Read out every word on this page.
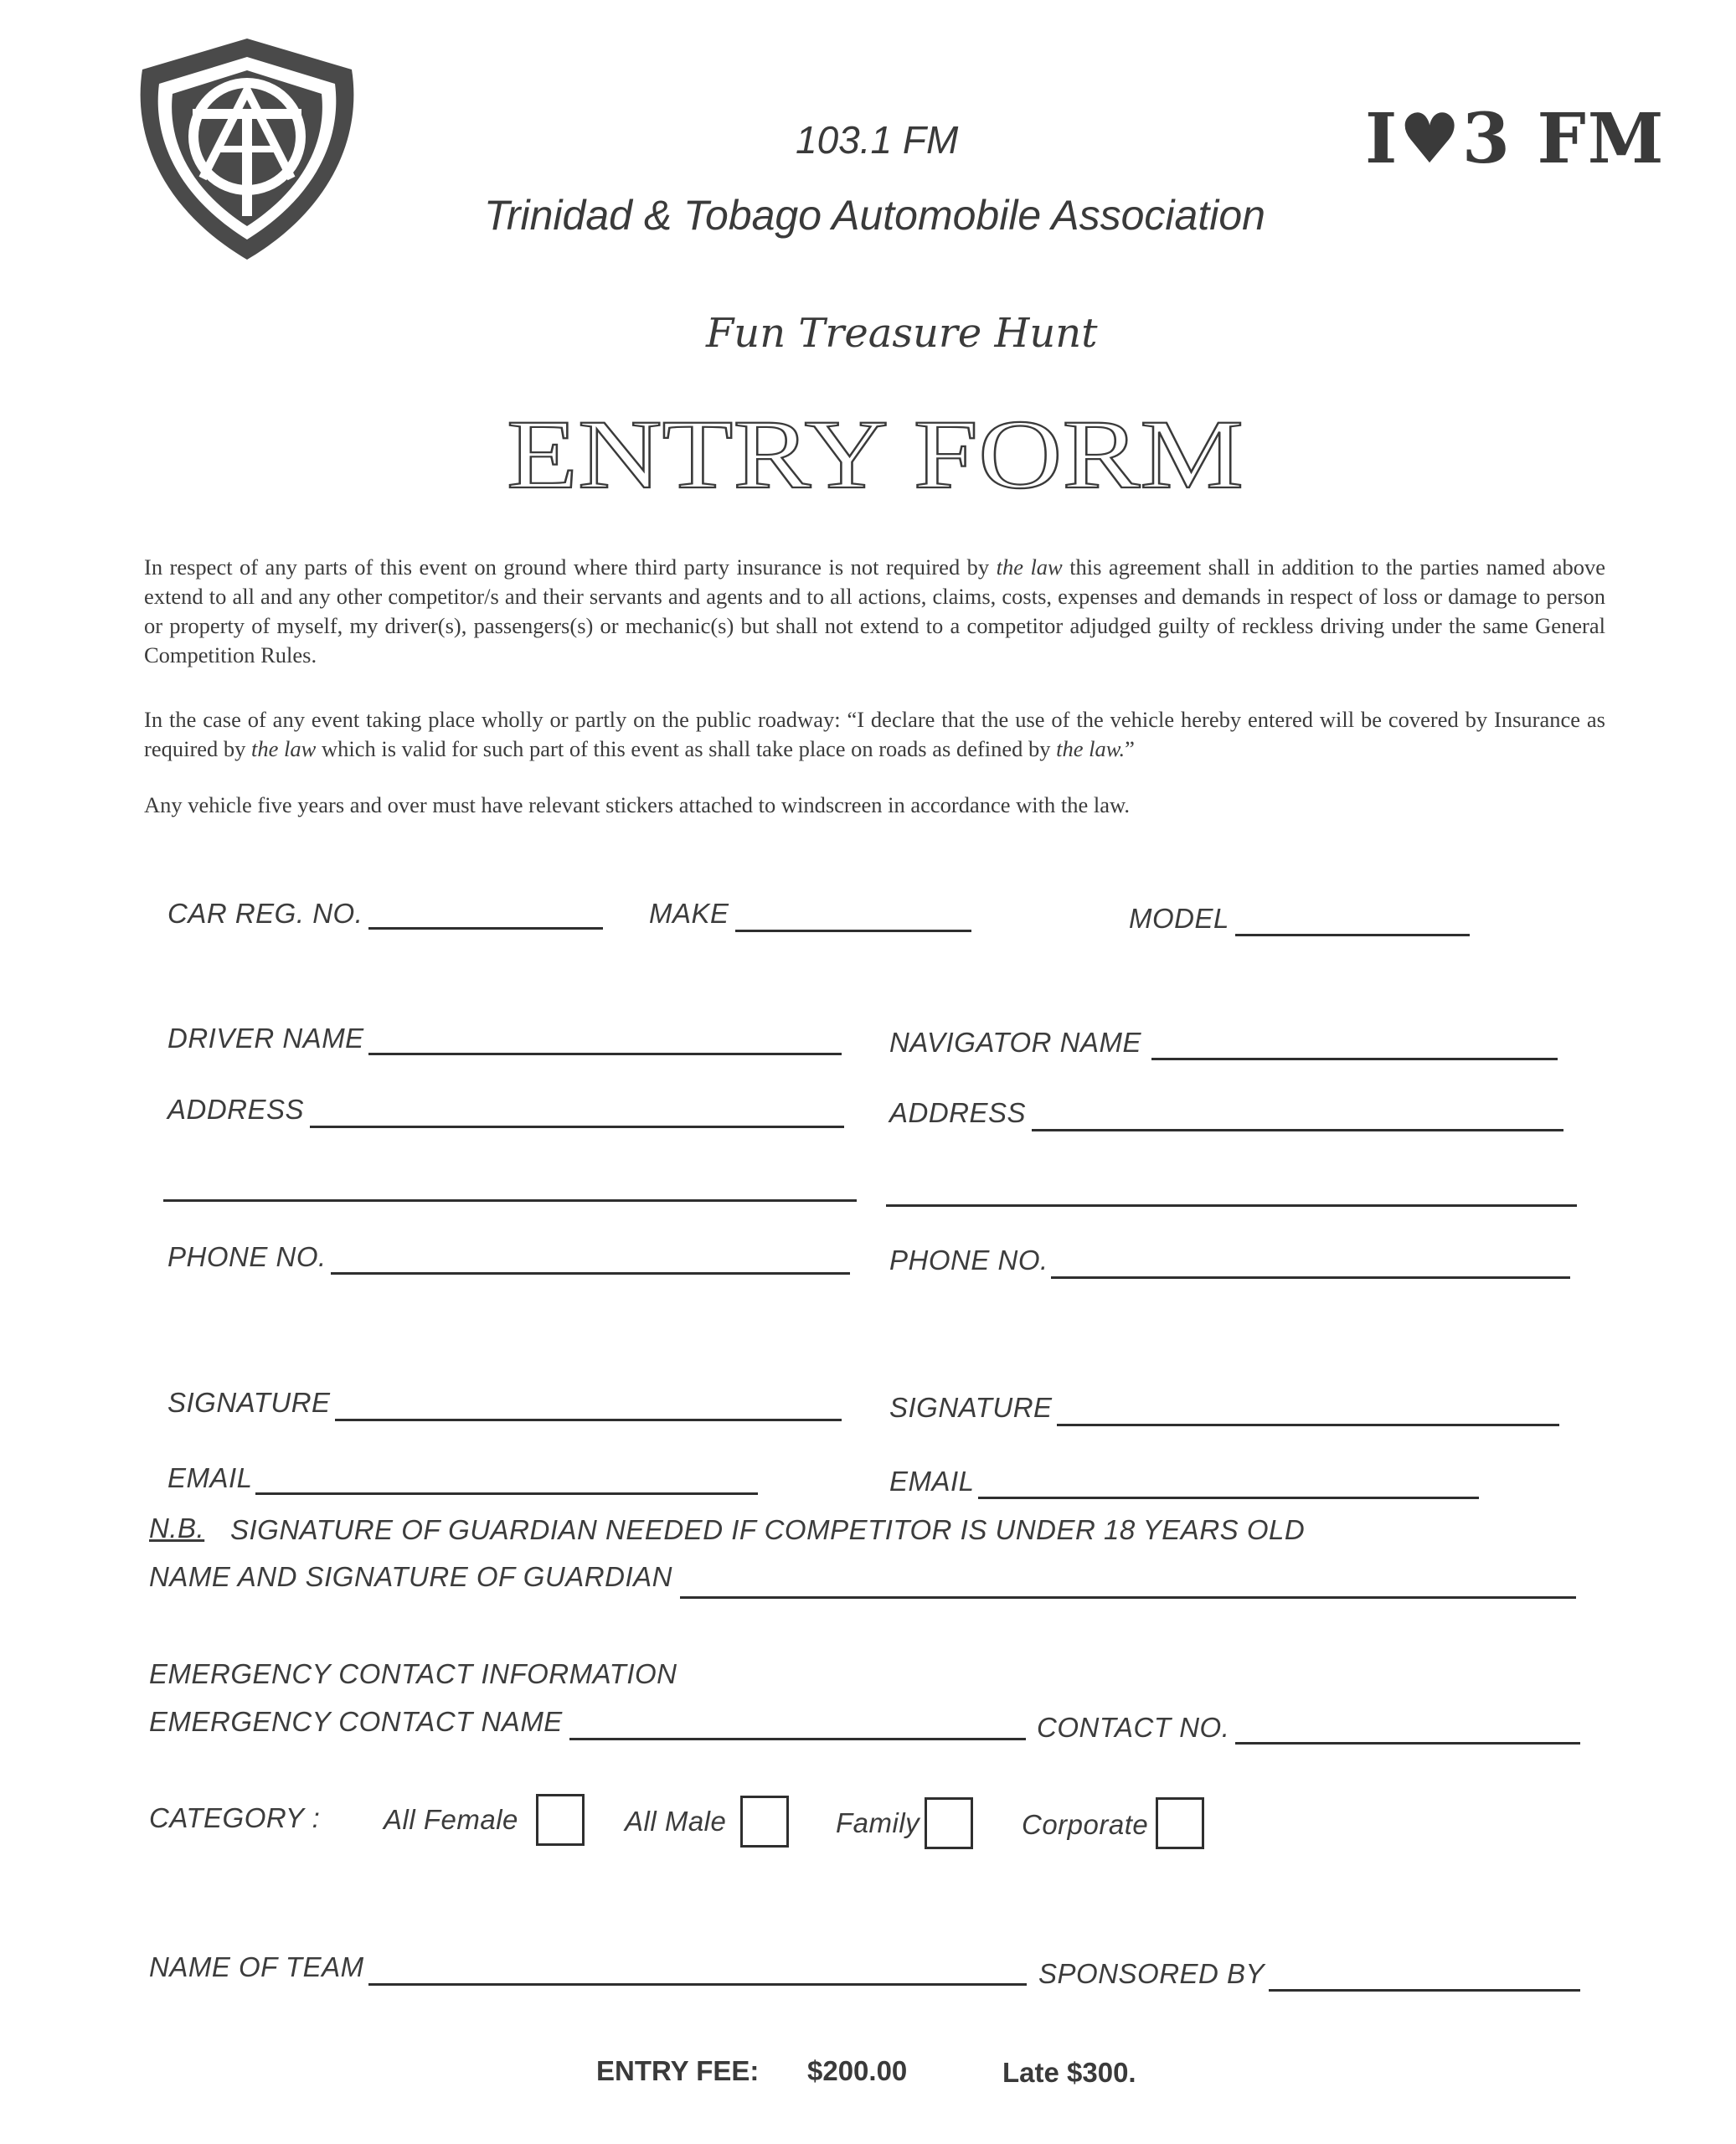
103.1 FM
Trinidad & Tobago Automobile Association
I♥3 FM
Fun Treasure Hunt
ENTRY FORM
In respect of any parts of this event on ground where third party insurance is not required by the law this agreement shall in addition to the parties named above extend to all and any other competitor/s and their servants and agents and to all actions, claims, costs, expenses and demands in respect of loss or damage to person or property of myself, my driver(s), passengers(s) or mechanic(s) but shall not extend to a competitor adjudged guilty of reckless driving under the same General Competition Rules.
In the case of any event taking place wholly or partly on the public roadway: “I declare that the use of the vehicle hereby entered will be covered by Insurance as required by the law which is valid for such part of this event as shall take place on roads as defined by the law.”
Any vehicle five years and over must have relevant stickers attached to windscreen in accordance with the law.
CAR REG. NO.	MAKE	MODEL
DRIVER NAME	NAVIGATOR NAME
ADDRESS	ADDRESS
PHONE NO.	PHONE NO.
SIGNATURE	SIGNATURE
EMAIL	EMAIL
N.B. SIGNATURE OF GUARDIAN NEEDED IF COMPETITOR IS UNDER 18 YEARS OLD
NAME AND SIGNATURE OF GUARDIAN
EMERGENCY CONTACT INFORMATION
EMERGENCY CONTACT NAME	CONTACT NO.
CATEGORY : All Female	All Male	Family	Corporate
NAME OF TEAM	SPONSORED BY
ENTRY FEE: $200.00	Late $300.
